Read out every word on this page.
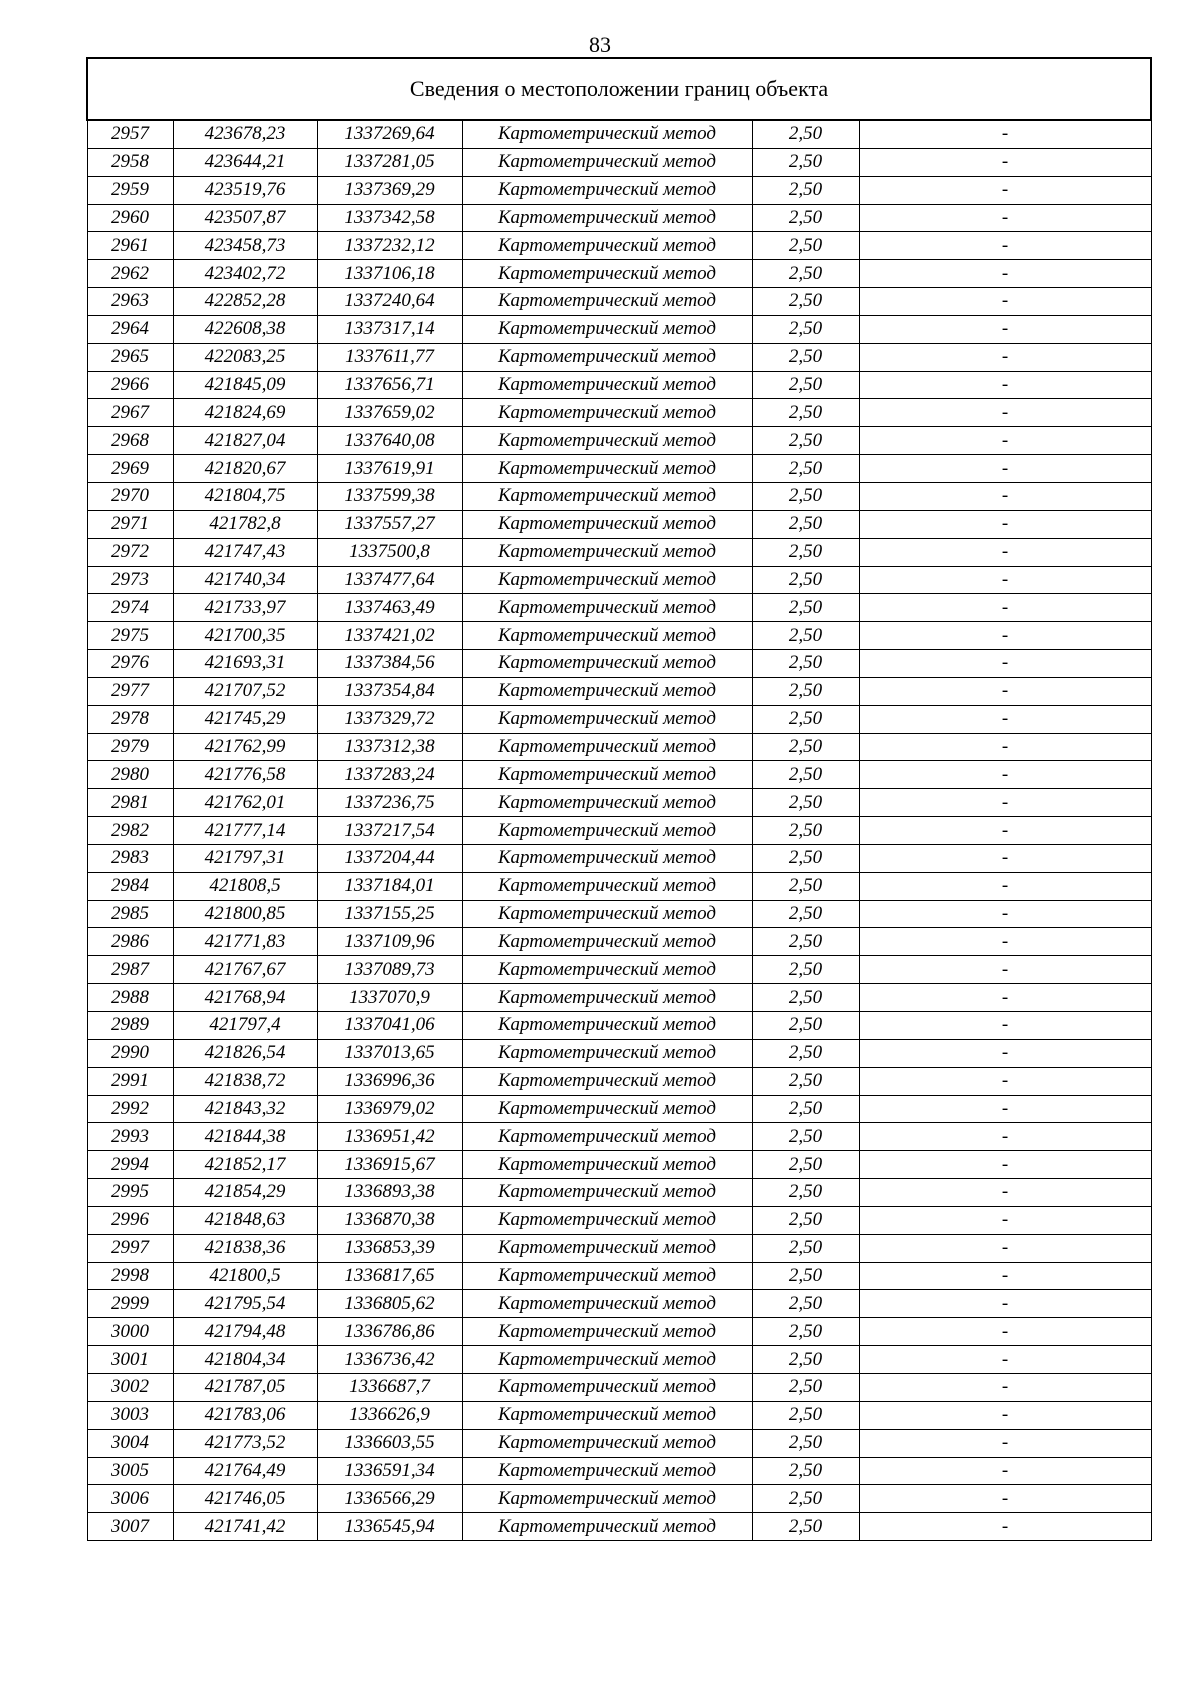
83
Сведения о местоположении границ объекта					
2957	423678,23	1337269,64	Картометрический метод	2,50	-
2958	423644,21	1337281,05	Картометрический метод	2,50	-
2959	423519,76	1337369,29	Картометрический метод	2,50	-
2960	423507,87	1337342,58	Картометрический метод	2,50	-
2961	423458,73	1337232,12	Картометрический метод	2,50	-
2962	423402,72	1337106,18	Картометрический метод	2,50	-
2963	422852,28	1337240,64	Картометрический метод	2,50	-
2964	422608,38	1337317,14	Картометрический метод	2,50	-
2965	422083,25	1337611,77	Картометрический метод	2,50	-
2966	421845,09	1337656,71	Картометрический метод	2,50	-
2967	421824,69	1337659,02	Картометрический метод	2,50	-
2968	421827,04	1337640,08	Картометрический метод	2,50	-
2969	421820,67	1337619,91	Картометрический метод	2,50	-
2970	421804,75	1337599,38	Картометрический метод	2,50	-
2971	421782,8	1337557,27	Картометрический метод	2,50	-
2972	421747,43	1337500,8	Картометрический метод	2,50	-
2973	421740,34	1337477,64	Картометрический метод	2,50	-
2974	421733,97	1337463,49	Картометрический метод	2,50	-
2975	421700,35	1337421,02	Картометрический метод	2,50	-
2976	421693,31	1337384,56	Картометрический метод	2,50	-
2977	421707,52	1337354,84	Картометрический метод	2,50	-
2978	421745,29	1337329,72	Картометрический метод	2,50	-
2979	421762,99	1337312,38	Картометрический метод	2,50	-
2980	421776,58	1337283,24	Картометрический метод	2,50	-
2981	421762,01	1337236,75	Картометрический метод	2,50	-
2982	421777,14	1337217,54	Картометрический метод	2,50	-
2983	421797,31	1337204,44	Картометрический метод	2,50	-
2984	421808,5	1337184,01	Картометрический метод	2,50	-
2985	421800,85	1337155,25	Картометрический метод	2,50	-
2986	421771,83	1337109,96	Картометрический метод	2,50	-
2987	421767,67	1337089,73	Картометрический метод	2,50	-
2988	421768,94	1337070,9	Картометрический метод	2,50	-
2989	421797,4	1337041,06	Картометрический метод	2,50	-
2990	421826,54	1337013,65	Картометрический метод	2,50	-
2991	421838,72	1336996,36	Картометрический метод	2,50	-
2992	421843,32	1336979,02	Картометрический метод	2,50	-
2993	421844,38	1336951,42	Картометрический метод	2,50	-
2994	421852,17	1336915,67	Картометрический метод	2,50	-
2995	421854,29	1336893,38	Картометрический метод	2,50	-
2996	421848,63	1336870,38	Картометрический метод	2,50	-
2997	421838,36	1336853,39	Картометрический метод	2,50	-
2998	421800,5	1336817,65	Картометрический метод	2,50	-
2999	421795,54	1336805,62	Картометрический метод	2,50	-
3000	421794,48	1336786,86	Картометрический метод	2,50	-
3001	421804,34	1336736,42	Картометрический метод	2,50	-
3002	421787,05	1336687,7	Картометрический метод	2,50	-
3003	421783,06	1336626,9	Картометрический метод	2,50	-
3004	421773,52	1336603,55	Картометрический метод	2,50	-
3005	421764,49	1336591,34	Картометрический метод	2,50	-
3006	421746,05	1336566,29	Картометрический метод	2,50	-
3007	421741,42	1336545,94	Картометрический метод	2,50	-
